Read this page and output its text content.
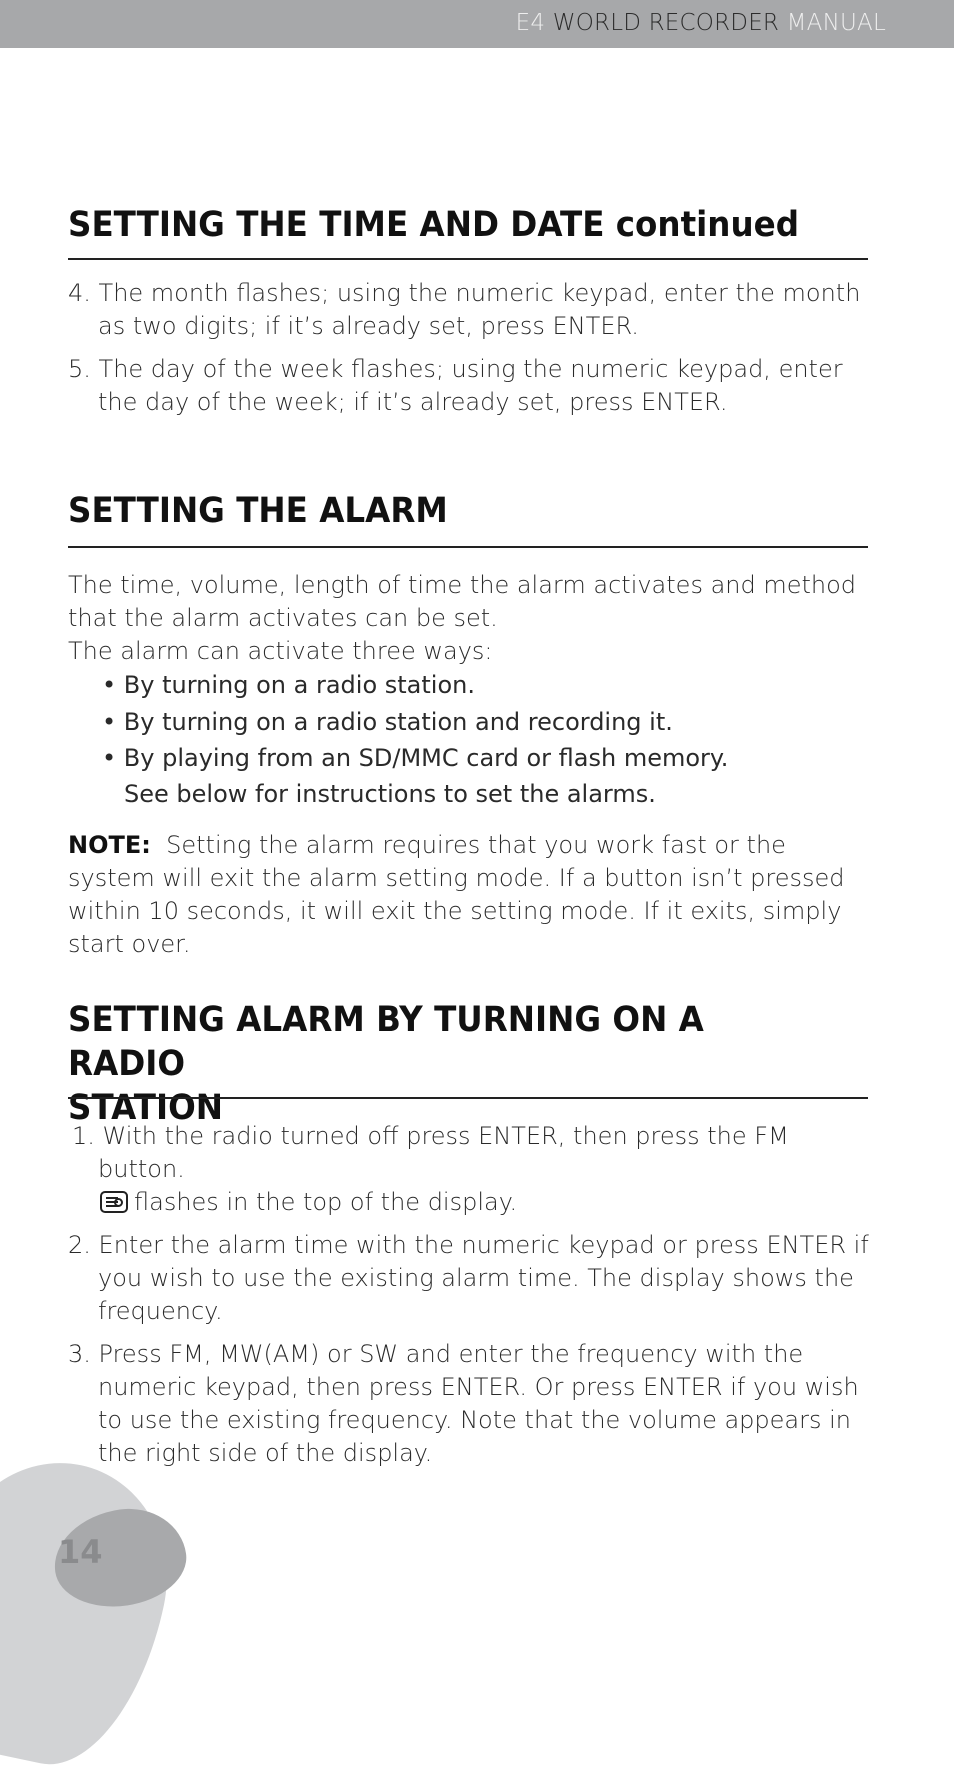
E4 WORLD RECORDER MANUAL
SETTING THE TIME AND DATE continued

4. The month flashes; using the numeric keypad, enter the month as two digits; if it’s already set, press ENTER.

5. The day of the week flashes; using the numeric keypad, enter the day of the week; if it’s already set, press ENTER.

SETTING THE ALARM

The time, volume, length of time the alarm activates and method that the alarm activates can be set.

The alarm can activate three ways:

• By turning on a radio station.
• By turning on a radio station and recording it.
• By playing from an SD/MMC card or flash memory.
See below for instructions to set the alarms.

NOTE: Setting the alarm requires that you work fast or the system will exit the alarm setting mode. If a button isn’t pressed within 10 seconds, it will exit the setting mode. If it exits, simply start over.

SETTING ALARM BY TURNING ON A RADIO
STATION

1. With the radio turned off press ENTER, then press the FM button.
flashes in the top of the display.

2. Enter the alarm time with the numeric keypad or press ENTER if you wish to use the existing alarm time. The display shows the frequency.

3. Press FM, MW(AM) or SW and enter the frequency with the numeric keypad, then press ENTER. Or press ENTER if you wish to use the existing frequency. Note that the volume appears in the right side of the display.

14
